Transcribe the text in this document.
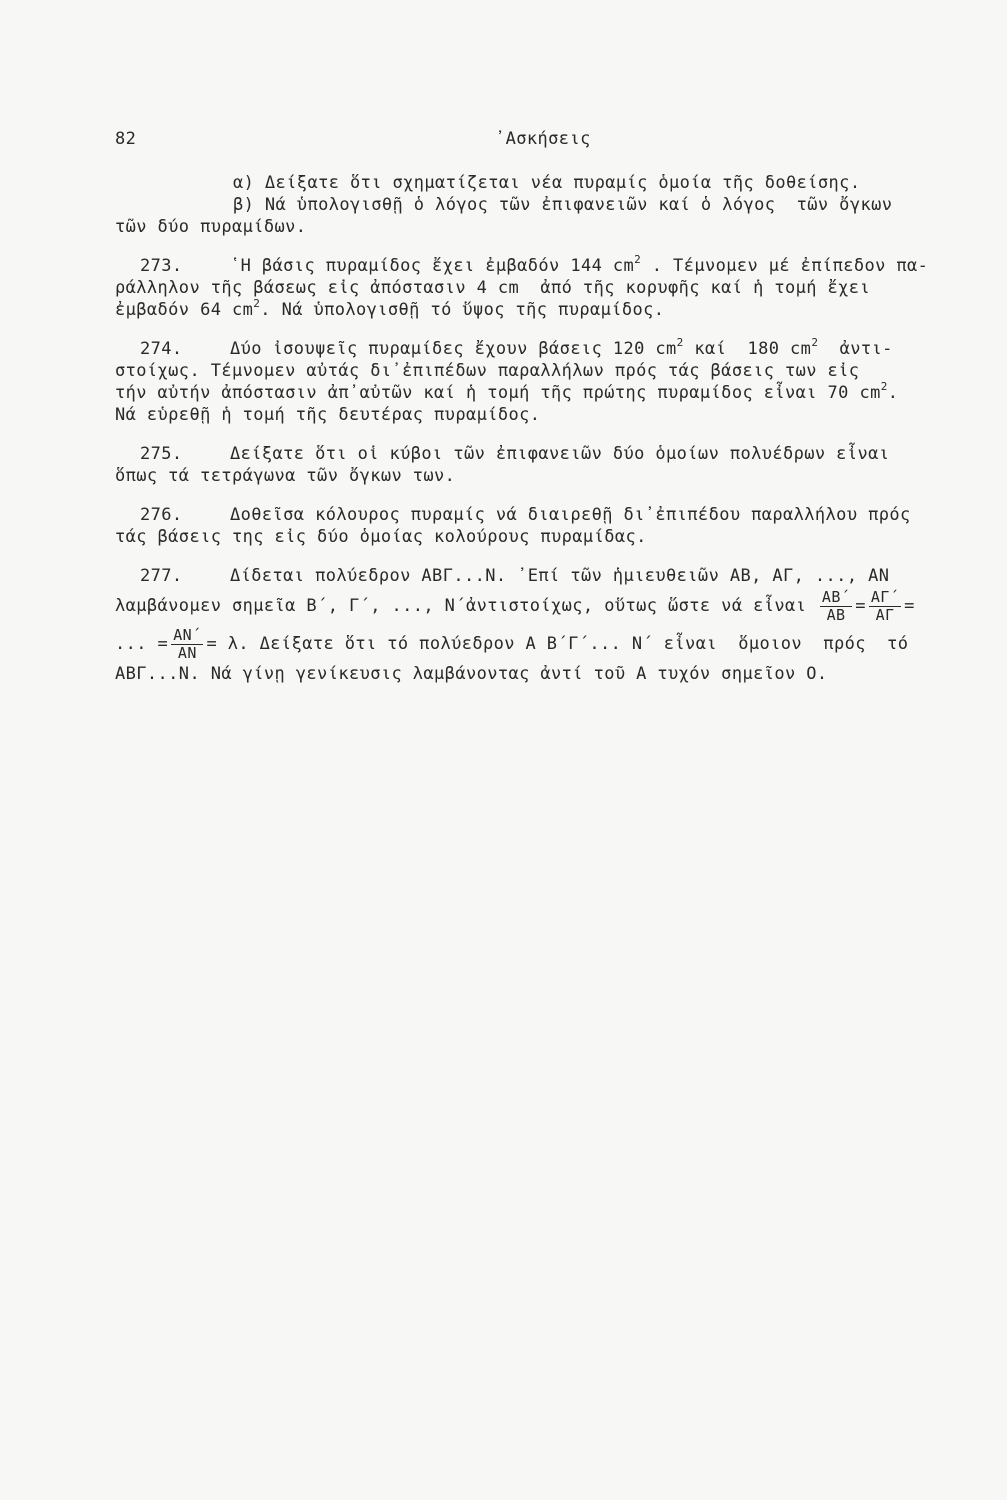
82	᾽Ασκήσεις
α) Δείξατε ὅτι σχηματίζεται νέα πυραμίς ὁμοία τῆς δοθείσης.
β) Νά ὑπολογισθῇ ὁ λόγος τῶν ἐπιφανειῶν καί ὁ λόγος  τῶν ὄγκων
τῶν δύο πυραμίδων.
273.	῾Η βάσις πυραμίδος ἔχει ἐμβαδόν 144 $cm^2$ . Τέμνομεν μέ ἐπίπεδον πα-
ράλληλον τῆς βάσεως εἰς ἀπόστασιν 4 cm  ἀπό τῆς κορυφῆς καί ἡ τομή ἔχει
ἐμβαδόν 64 $cm^2$. Νά ὑπολογισθῇ τό ὕψος τῆς πυραμίδος.
274.	Δύο ἰσουψεῖς πυραμίδες ἔχουν βάσεις 120 $cm^2$ καί  180 $cm^2$  ἀντι-
στοίχως. Τέμνομεν αὐτάς δι᾽ἐπιπέδων παραλλήλων πρός τάς βάσεις των εἰς
τήν αὐτήν ἀπόστασιν ἀπ᾽αὐτῶν καί ἡ τομή τῆς πρώτης πυραμίδος εἶναι 70 $cm^2$.
Νά εὑρεθῇ ἡ τομή τῆς δευτέρας πυραμίδος.
275.	Δείξατε ὅτι οἱ κύβοι τῶν ἐπιφανειῶν δύο ὁμοίων πολυέδρων εἶναι
ὅπως τά τετράγωνα τῶν ὄγκων των.
276.	Δοθεῖσα κόλουρος πυραμίς νά διαιρεθῇ δι᾽ἐπιπέδου παραλλήλου πρός
τάς βάσεις της εἰς δύο ὁμοίας κολούρους πυραμίδας.
277.	Δίδεται πολύεδρον ΑΒΓ...Ν. ᾽Επί τῶν ἡμιευθειῶν ΑΒ, ΑΓ, ..., ΑΝ
λαμβάνομεν σημεῖα Β΄, Γ΄, ..., Ν΄ἀντιστοίχως, οὕτως ὥστε νά εἶναι $\frac{AB΄}{AB} = \frac{A\Gamma΄}{A\Gamma}$ =
... = $\frac{AN΄}{AN} = \lambda$. Δείξατε ὅτι τό πολύεδρον Α Β΄Γ΄... Ν΄ εἶναι  ὅμοιον  πρός  τό
ΑΒΓ...Ν. Νά γίνῃ γενίκευσις λαμβάνοντας ἀντί τοῦ Α τυχόν σημεῖον Ο.
